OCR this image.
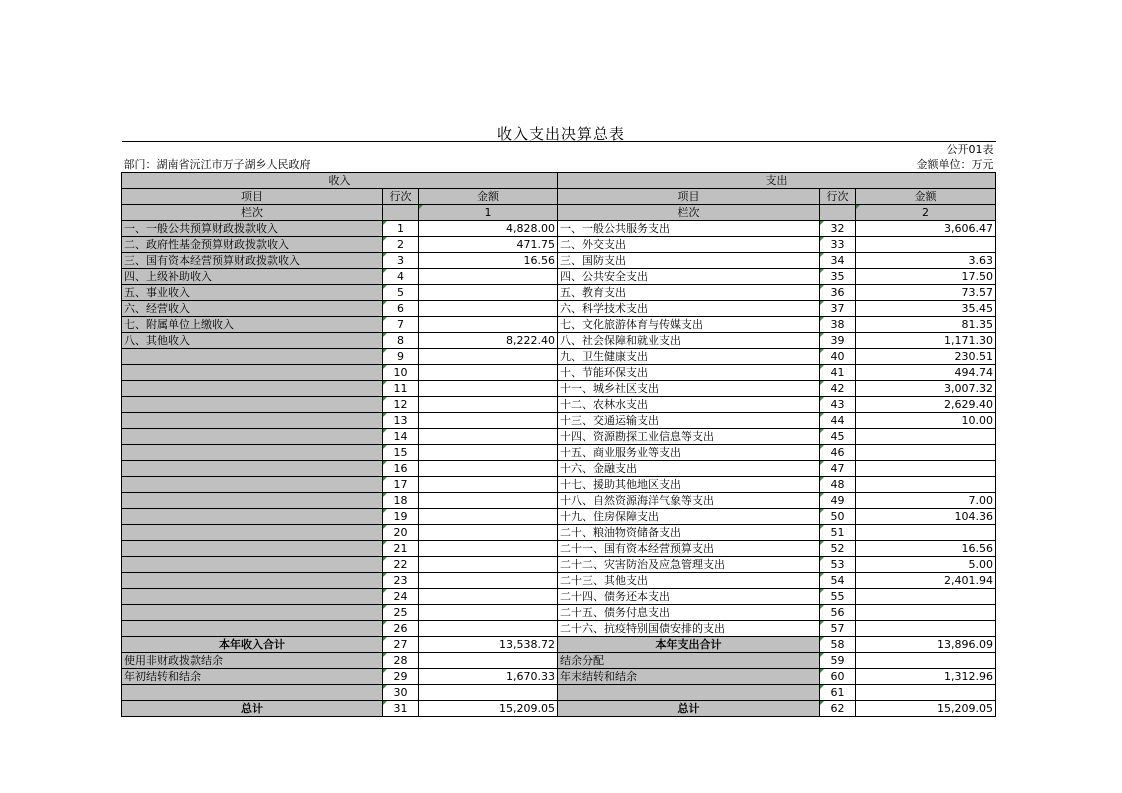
收入支出决算总表
					公开01表
部门：湖南省沅江市万子湖乡人民政府					金额单位：万元
收入			支出		
项目	行次	金额	项目	行次	金额
栏次		1	栏次		2
一、一般公共预算财政拨款收入	1	4,828.00	一、一般公共服务支出	32	3,606.47
二、政府性基金预算财政拨款收入	2	471.75	二、外交支出	33	
三、国有资本经营预算财政拨款收入	3	16.56	三、国防支出	34	3.63
四、上级补助收入	4		四、公共安全支出	35	17.50
五、事业收入	5		五、教育支出	36	73.57
六、经营收入	6		六、科学技术支出	37	35.45
七、附属单位上缴收入	7		七、文化旅游体育与传媒支出	38	81.35
八、其他收入	8	8,222.40	八、社会保障和就业支出	39	1,171.30
	9		九、卫生健康支出	40	230.51
	10		十、节能环保支出	41	494.74
	11		十一、城乡社区支出	42	3,007.32
	12		十二、农林水支出	43	2,629.40
	13		十三、交通运输支出	44	10.00
	14		十四、资源勘探工业信息等支出	45	
	15		十五、商业服务业等支出	46	
	16		十六、金融支出	47	
	17		十七、援助其他地区支出	48	
	18		十八、自然资源海洋气象等支出	49	7.00
	19		十九、住房保障支出	50	104.36
	20		二十、粮油物资储备支出	51	
	21		二十一、国有资本经营预算支出	52	16.56
	22		二十二、灾害防治及应急管理支出	53	5.00
	23		二十三、其他支出	54	2,401.94
	24		二十四、债务还本支出	55	
	25		二十五、债务付息支出	56	
	26		二十六、抗疫特别国债安排的支出	57	
本年收入合计	27	13,538.72	本年支出合计	58	13,896.09
使用非财政拨款结余	28		结余分配	59	
年初结转和结余	29	1,670.33	年末结转和结余	60	1,312.96
	30			61	
总计	31	15,209.05	总计	62	15,209.05
